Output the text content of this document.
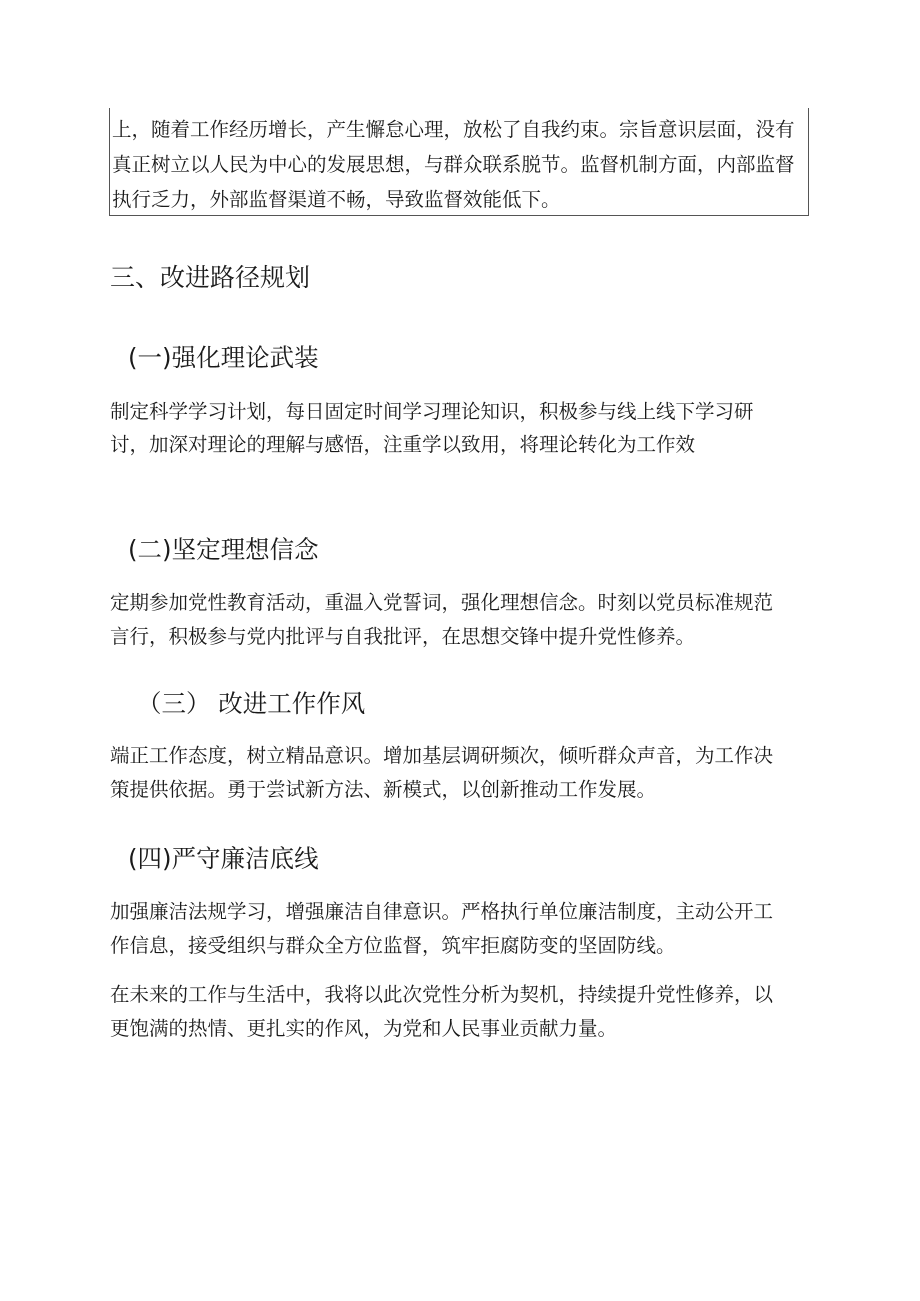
上，随着工作经历增长，产生懈怠心理，放松了自我约束。宗旨意识层面，没有
真正树立以人民为中心的发展思想，与群众联系脱节。监督机制方面，内部监督
执行乏力，外部监督渠道不畅，导致监督效能低下。
三、改进路径规划
(一)强化理论武装
制定科学学习计划，每日固定时间学习理论知识，积极参与线上线下学习研
讨，加深对理论的理解与感悟，注重学以致用，将理论转化为工作效
(二)坚定理想信念
定期参加党性教育活动，重温入党誓词，强化理想信念。时刻以党员标准规范
言行，积极参与党内批评与自我批评，在思想交锋中提升党性修养。
（三） 改进工作作风
端正工作态度，树立精品意识。增加基层调研频次，倾听群众声音，为工作决
策提供依据。勇于尝试新方法、新模式，以创新推动工作发展。
(四)严守廉洁底线
加强廉洁法规学习，增强廉洁自律意识。严格执行单位廉洁制度，主动公开工
作信息，接受组织与群众全方位监督，筑牢拒腐防变的坚固防线。
在未来的工作与生活中，我将以此次党性分析为契机，持续提升党性修养，以
更饱满的热情、更扎实的作风，为党和人民事业贡献力量。
